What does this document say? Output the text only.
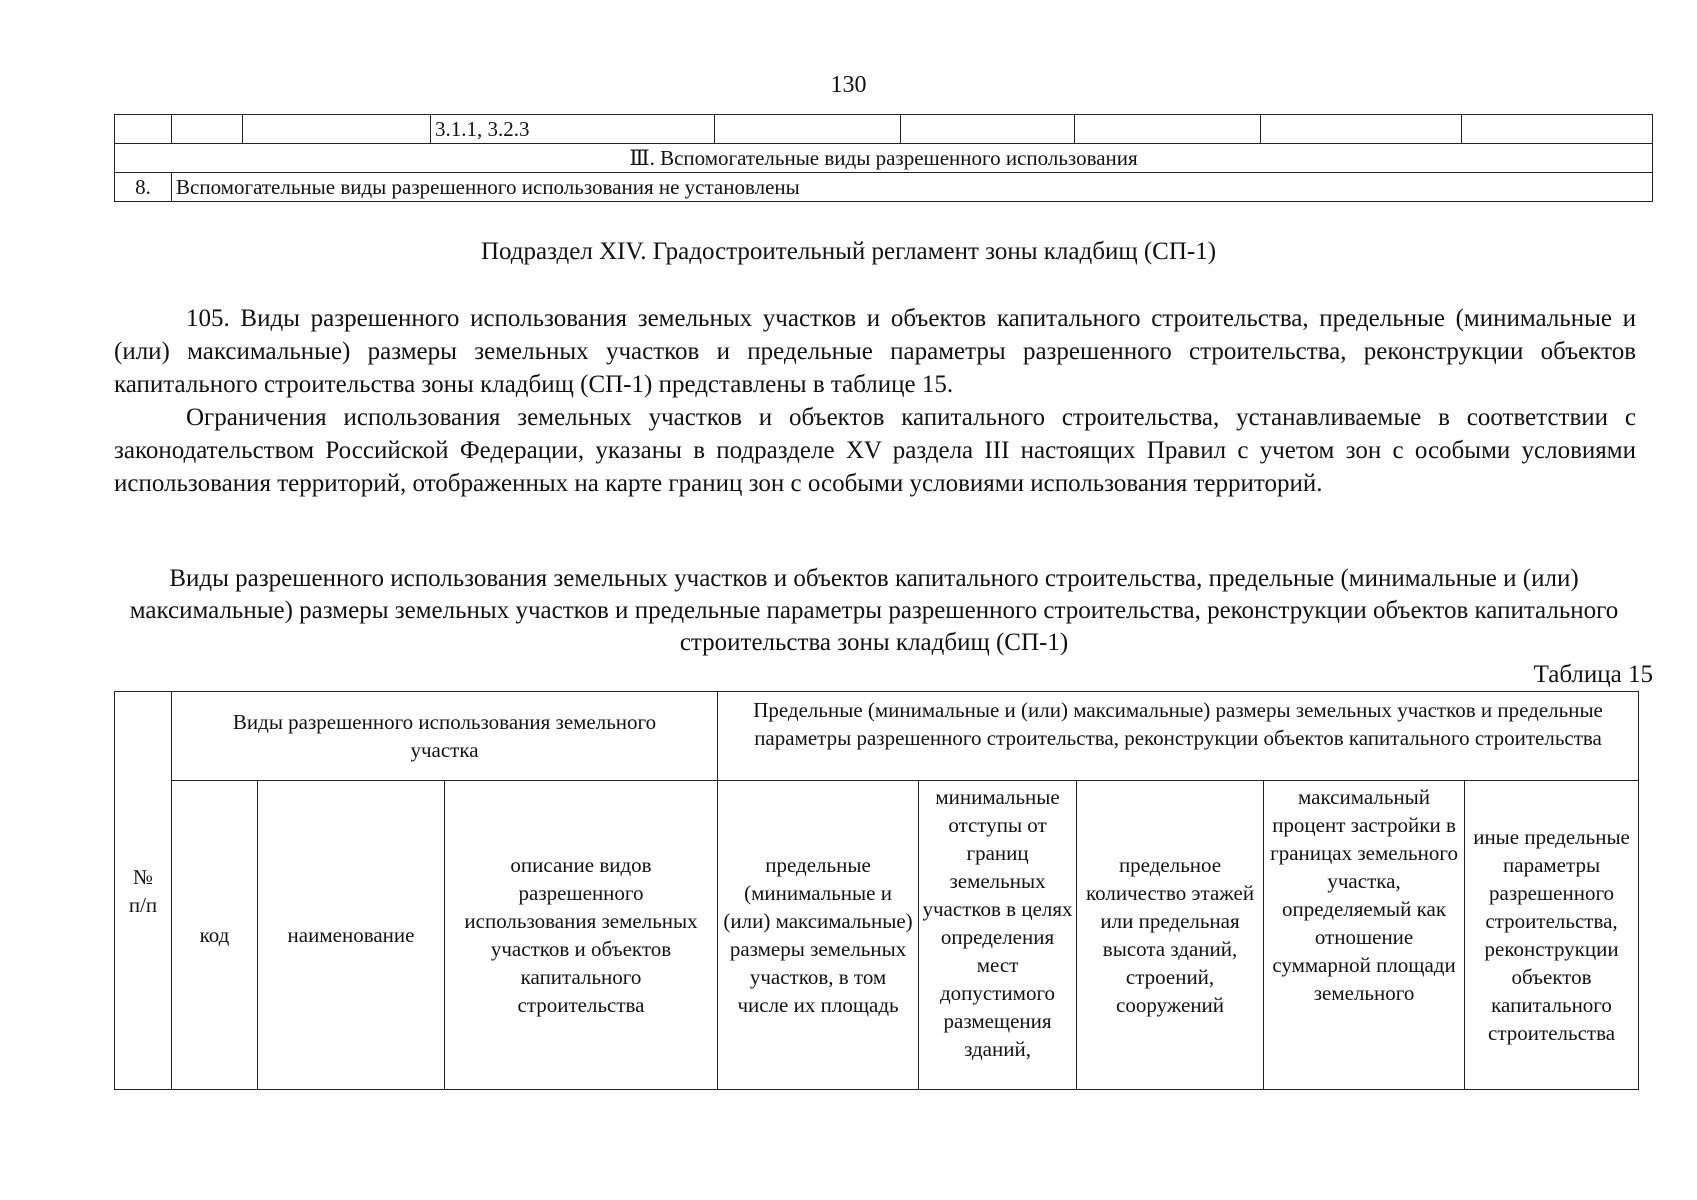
130
			3.1.1, 3.2.3					
Ⅲ. Вспомогательные виды разрешенного использования								
8.	Вспомогательные виды разрешенного использования не установлены							
Подраздел XIV. Градостроительный регламент зоны кладбищ (СП-1)

105. Виды разрешенного использования земельных участков и объектов капитального строительства, предельные (минимальные и (или) максимальные) размеры земельных участков и предельные параметры разрешенного строительства, реконструкции объектов капитального строительства зоны кладбищ (СП-1) представлены в таблице 15.

Ограничения использования земельных участков и объектов капитального строительства, устанавливаемые в соответствии с законодательством Российской Федерации, указаны в подразделе XV раздела III настоящих Правил с учетом зон с особыми условиями использования территорий, отображенных на карте границ зон с особыми условиями использования территорий.

Виды разрешенного использования земельных участков и объектов капитального строительства, предельные (минимальные и (или) максимальные) размеры земельных участков и предельные параметры разрешенного строительства, реконструкции объектов капитального строительства зоны кладбищ (СП-1)
Таблица 15
№
п/п	Виды разрешенного использования земельного участка			Предельные (минимальные и (или) максимальные) размеры земельных участков и предельные параметры разрешенного строительства, реконструкции объектов капитального строительства				
	код	наименование	описание видов разрешенного использования земельных участков и объектов капитального строительства	предельные (минимальные и (или) максимальные) размеры земельных участков, в том числе их площадь	минимальные отступы от границ земельных участков в целях определения мест допустимого размещения зданий,	предельное количество этажей или предельная высота зданий, строений, сооружений	максимальный процент застройки в границах земельного участка, определяемый как отношение суммарной площади земельного	иные предельные параметры разрешенного строительства, реконструкции объектов капитального строительства
